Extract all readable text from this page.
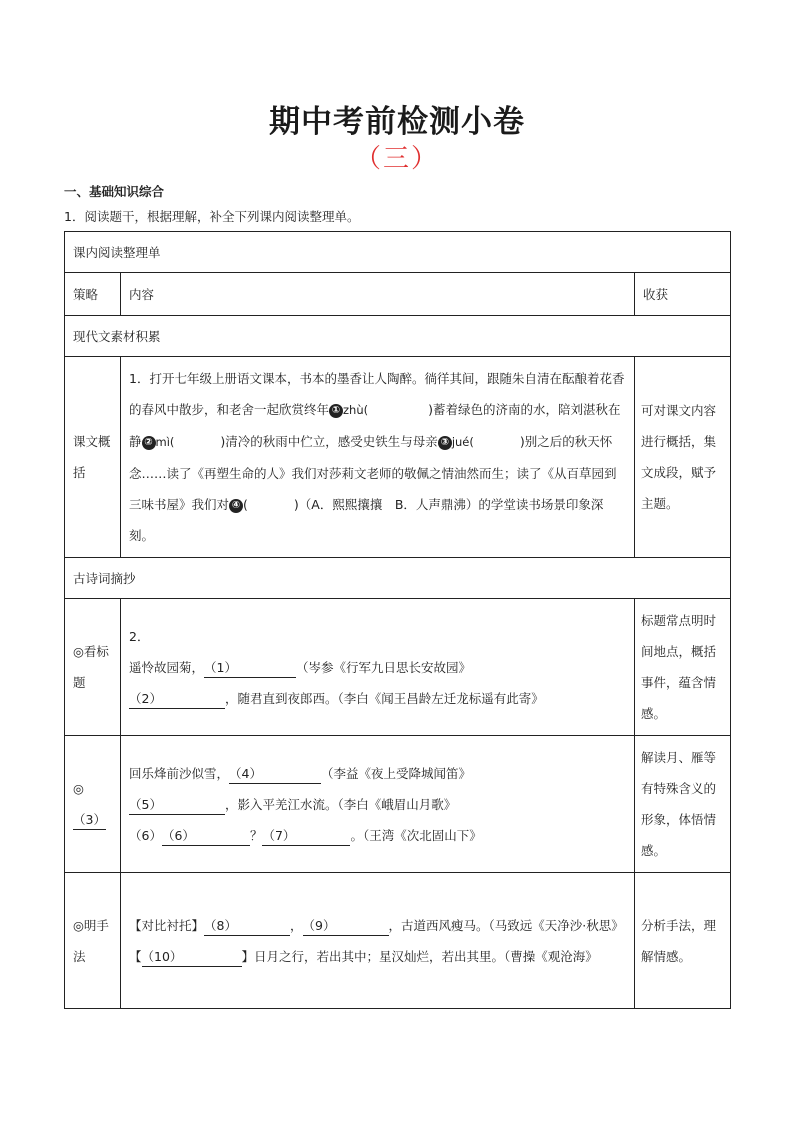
期中考前检测小卷
（三）
一、基础知识综合
1．阅读题干，根据理解，补全下列课内阅读整理单。
课内阅读整理单		
策略	内容	收获
现代文素材积累		
课文概括	1．打开七年级上册语文课本，书本的墨香让人陶醉。徜徉其间，跟随朱自清在酝酿着花香的春风中散步，和老舍一起欣赏终年 ① zhù( )蓄着绿色的济南的水，陪刘湛秋在静 ② mì( )清冷的秋雨中伫立，感受史铁生与母亲 ③ jué( )别之后的秋天怀念……读了《再塑生命的人》我们对莎莉文老师的敬佩之情油然而生；读了《从百草园到三味书屋》我们对 ④ ( )（A．熙熙攘攘　B．人声鼎沸）的学堂读书场景印象深刻。	可对课文内容进行概括，集文成段，赋予主题。
古诗词摘抄		
◎看标题	2．
遥怜故园菊，（1） （岑参《行军九日思长安故园》
（2） ，随君直到夜郎西。（李白《闻王昌龄左迁龙标遥有此寄》	标题常点明时间地点，概括事件，蕴含情感。
◎（3）	回乐烽前沙似雪，（4） （李益《夜上受降城闻笛》
（5） ，影入平羌江水流。（李白《峨眉山月歌》
（6）（6） ？（7） 。（王湾《次北固山下》	解读月、雁等有特殊含义的形象，体悟情感。
◎明手法	【对比衬托】（8） ，（9） ，古道西风瘦马。（马致远《天净沙·秋思》
【（10） 】日月之行，若出其中；星汉灿烂，若出其里。（曹操《观沧海》	分析手法，理解情感。
